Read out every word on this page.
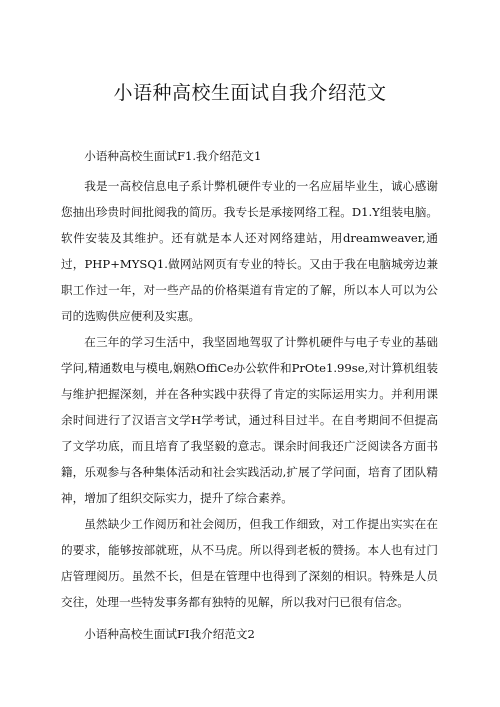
小语种高校生面试自我介绍范文

小语种高校生面试F1.我介绍范文1

我是一高校信息电子系计弊机硬件专业的一名应届毕业生，诚心感谢您抽出珍贵时间批阅我的简历。我专长是承接网络工程。D1.Y组装电脑。软件安装及其维护。还有就是本人还对网络建站，用dreamweaver,通过，PHP+MYSQ1.做网站网页有专业的特长。又由于我在电脑城旁边兼职工作过一年，对一些产品的价格渠道有肯定的了解，所以本人可以为公司的选购供应便利及实惠。

在三年的学习生活中，我坚固地驾驭了计弊机硬件与电子专业的基础学问,精通数电与模电,娴熟OffiCe办公软件和PrOte1.99se,对计算机组装与维护把握深刻，并在各种实践中获得了肯定的实际运用实力。并利用课余时间进行了汉语言文学H学考试，通过科目过半。在自考期间不但提高了文学功底，而且培育了我坚毅的意志。课余时间我还广泛阅读各方面书籍，乐观参与各种集体活动和社会实践活动,扩展了学问面，培育了团队精神，增加了组织交际实力，提升了综合素养。

虽然缺少工作阅历和社会阅历，但我工作细致，对工作提出实实在在的要求，能够按部就班，从不马虎。所以得到老板的赞扬。本人也有过门店管理阅历。虽然不长，但是在管理中也得到了深刻的相识。特殊是人员交往，处理一些特发事务都有独特的见解，所以我对闩已很有信念。

小语种高校生面试FI我介绍范文2
